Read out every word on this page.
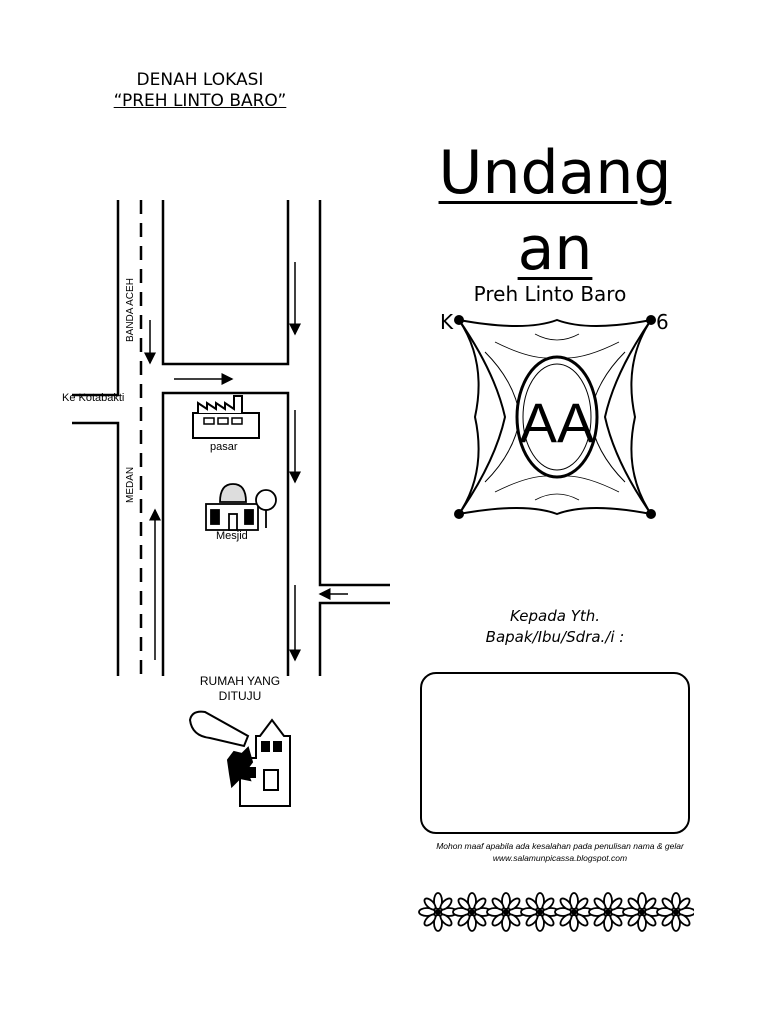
DENAH LOKASI
“PREH LINTO BARO”
BANDA ACEH
MEDAN
Ke Kotabakti
pasar
Mesjid
RUMAH YANG
DITUJU
Undang
an
Preh Linto Baro
AA
K	6
Kepada Yth.
Bapak/Ibu/Sdra./i :
Mohon maaf apabila ada kesalahan pada penulisan nama & gelar
www.salamunpicassa.blogspot.com
